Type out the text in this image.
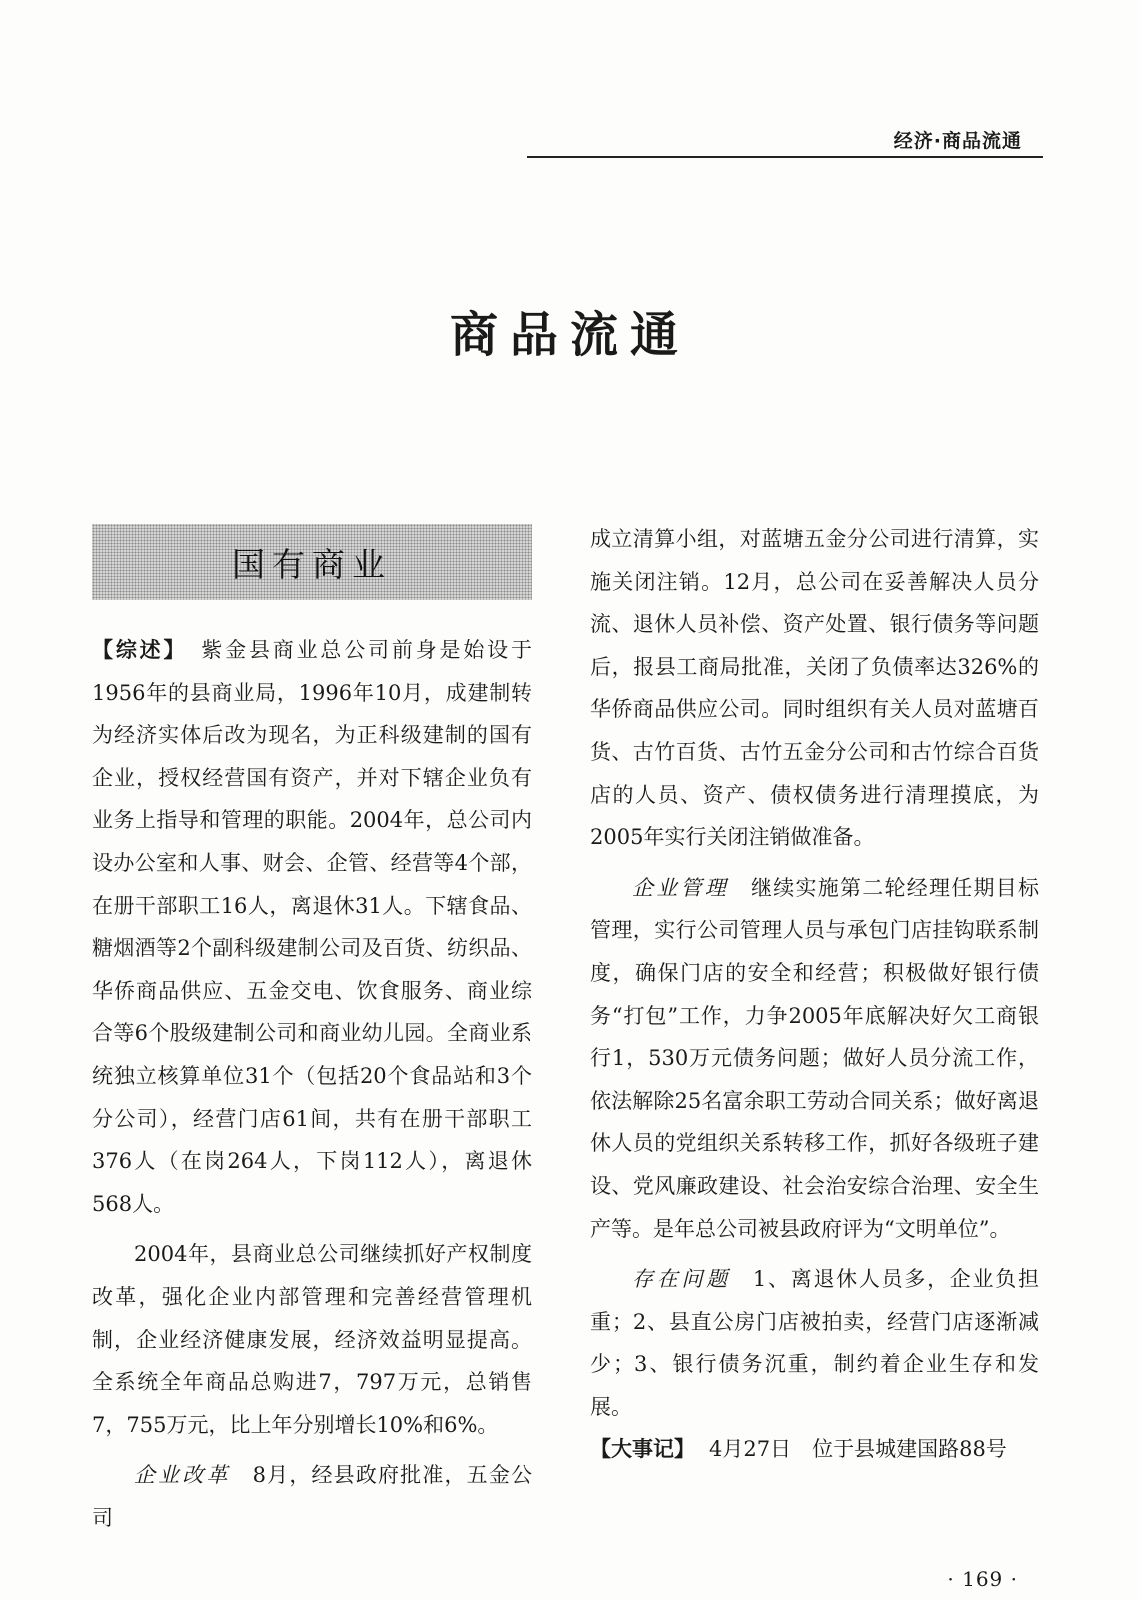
经济·商品流通
商品流通
国有商业

【综述】 紫金县商业总公司前身是始设于1956年的县商业局，1996年10月，成建制转为经济实体后改为现名，为正科级建制的国有企业，授权经营国有资产，并对下辖企业负有业务上指导和管理的职能。2004年，总公司内设办公室和人事、财会、企管、经营等4个部，在册干部职工16人，离退休31人。下辖食品、糖烟酒等2个副科级建制公司及百货、纺织品、华侨商品供应、五金交电、饮食服务、商业综合等6个股级建制公司和商业幼儿园。全商业系统独立核算单位31个（包括20个食品站和3个分公司），经营门店61间，共有在册干部职工376人（在岗264人，下岗112人），离退休568人。

2004年，县商业总公司继续抓好产权制度改革，强化企业内部管理和完善经营管理机制，企业经济健康发展，经济效益明显提高。全系统全年商品总购进7，797万元，总销售7，755万元，比上年分别增长10%和6%。

企业改革 8月，经县政府批准，五金公司

成立清算小组，对蓝塘五金分公司进行清算，实施关闭注销。12月，总公司在妥善解决人员分流、退休人员补偿、资产处置、银行债务等问题后，报县工商局批准，关闭了负债率达326%的华侨商品供应公司。同时组织有关人员对蓝塘百货、古竹百货、古竹五金分公司和古竹综合百货店的人员、资产、债权债务进行清理摸底，为2005年实行关闭注销做准备。

企业管理 继续实施第二轮经理任期目标管理，实行公司管理人员与承包门店挂钩联系制度，确保门店的安全和经营；积极做好银行债务“打包”工作，力争2005年底解决好欠工商银行1，530万元债务问题；做好人员分流工作，依法解除25名富余职工劳动合同关系；做好离退休人员的党组织关系转移工作，抓好各级班子建设、党风廉政建设、社会治安综合治理、安全生产等。是年总公司被县政府评为“文明单位”。

存在问题 1、离退休人员多，企业负担重；2、县直公房门店被拍卖，经营门店逐渐减少；3、银行债务沉重，制约着企业生存和发展。

【大事记】 4月27日　位于县城建国路88号

· 169 ·
